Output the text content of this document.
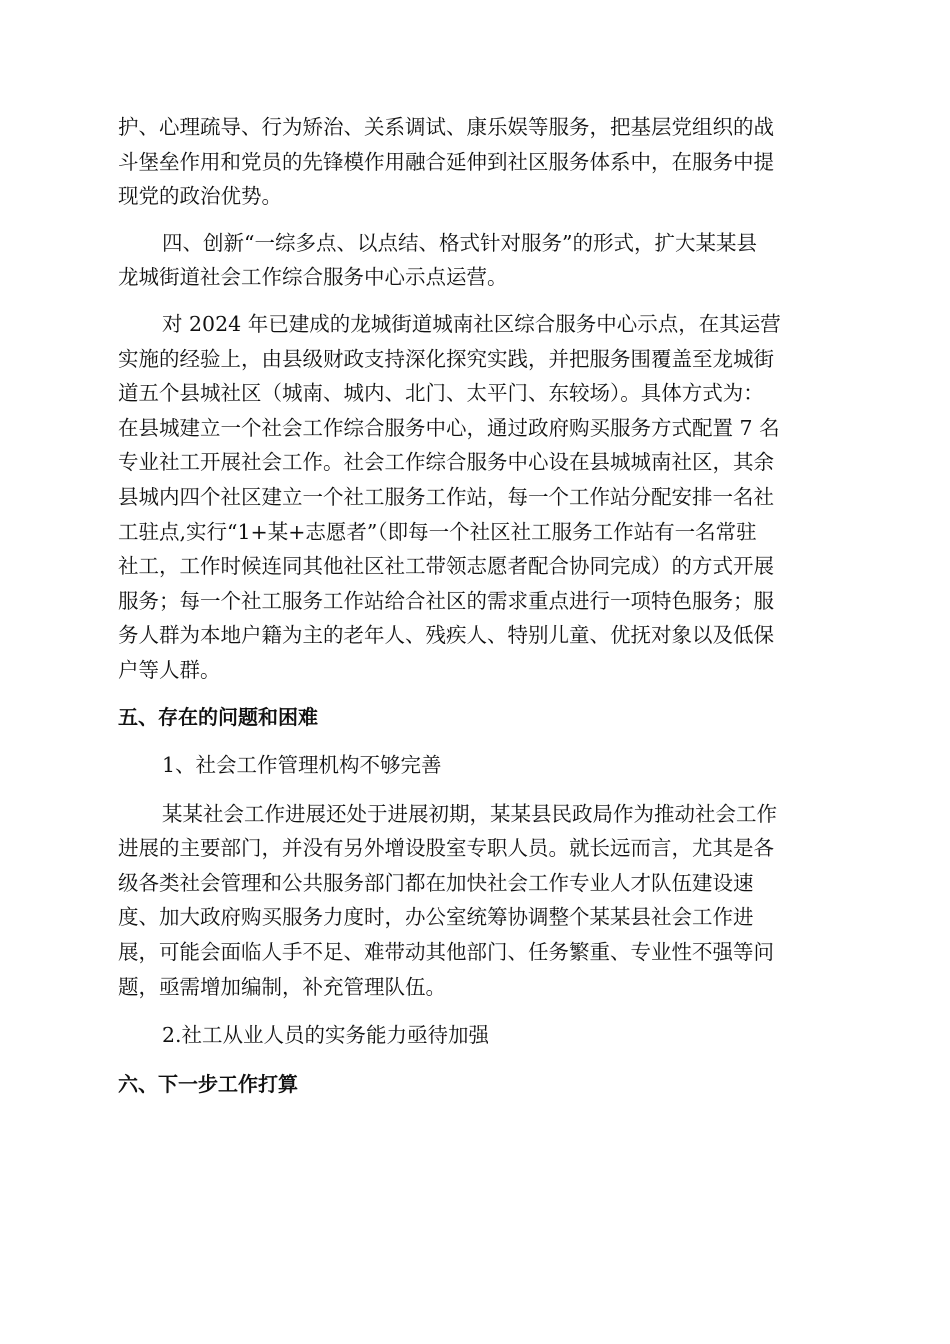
护、心理疏导、行为矫治、关系调试、康乐娱等服务，把基层党组织的战
斗堡垒作用和党员的先锋模作用融合延伸到社区服务体系中，在服务中提
现党的政治优势。
四、创新“一综多点、以点结、格式针对服务”的形式，扩大某某县
龙城街道社会工作综合服务中心示点运营。
对 2024 年已建成的龙城街道城南社区综合服务中心示点，在其运营
实施的经验上，由县级财政支持深化探究实践，并把服务围覆盖至龙城街
道五个县城社区（城南、城内、北门、太平门、东较场）。具体方式为：
在县城建立一个社会工作综合服务中心，通过政府购买服务方式配置 7 名
专业社工开展社会工作。社会工作综合服务中心设在县城城南社区，其余
县城内四个社区建立一个社工服务工作站，每一个工作站分配安排一名社
工驻点,实行“1+某+志愿者”（即每一个社区社工服务工作站有一名常驻
社工，工作时候连同其他社区社工带领志愿者配合协同完成）的方式开展
服务；每一个社工服务工作站给合社区的需求重点进行一项特色服务；服
务人群为本地户籍为主的老年人、残疾人、特别儿童、优抚对象以及低保
户等人群。
五、存在的问题和困难
1、社会工作管理机构不够完善
某某社会工作进展还处于进展初期，某某县民政局作为推动社会工作
进展的主要部门，并没有另外增设股室专职人员。就长远而言，尤其是各
级各类社会管理和公共服务部门都在加快社会工作专业人才队伍建设速
度、加大政府购买服务力度时，办公室统筹协调整个某某县社会工作进
展，可能会面临人手不足、难带动其他部门、任务繁重、专业性不强等问
题，亟需增加编制，补充管理队伍。
2.社工从业人员的实务能力亟待加强
六、下一步工作打算
